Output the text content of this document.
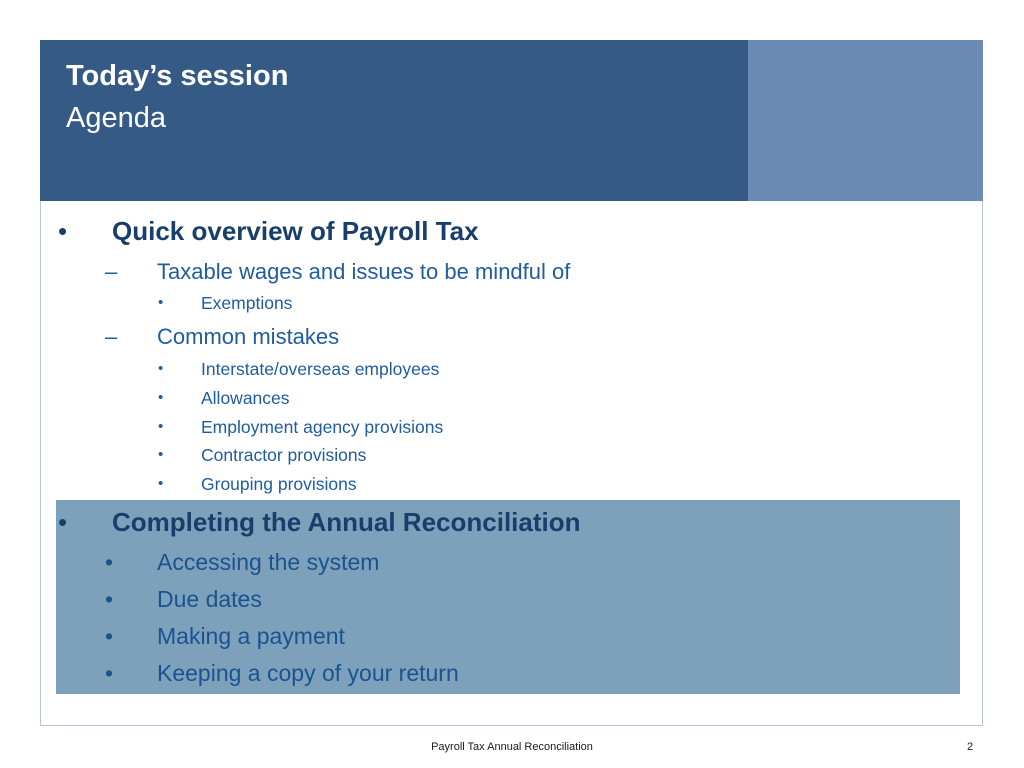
Today’s session
Agenda
• Quick overview of Payroll Tax
– Taxable wages and issues to be mindful of
• Exemptions
– Common mistakes
• Interstate/overseas employees
• Allowances
• Employment agency provisions
• Contractor provisions
• Grouping provisions
• Completing the Annual Reconciliation
• Accessing the system
• Due dates
• Making a payment
• Keeping a copy of your return
Payroll Tax Annual Reconciliation	2
